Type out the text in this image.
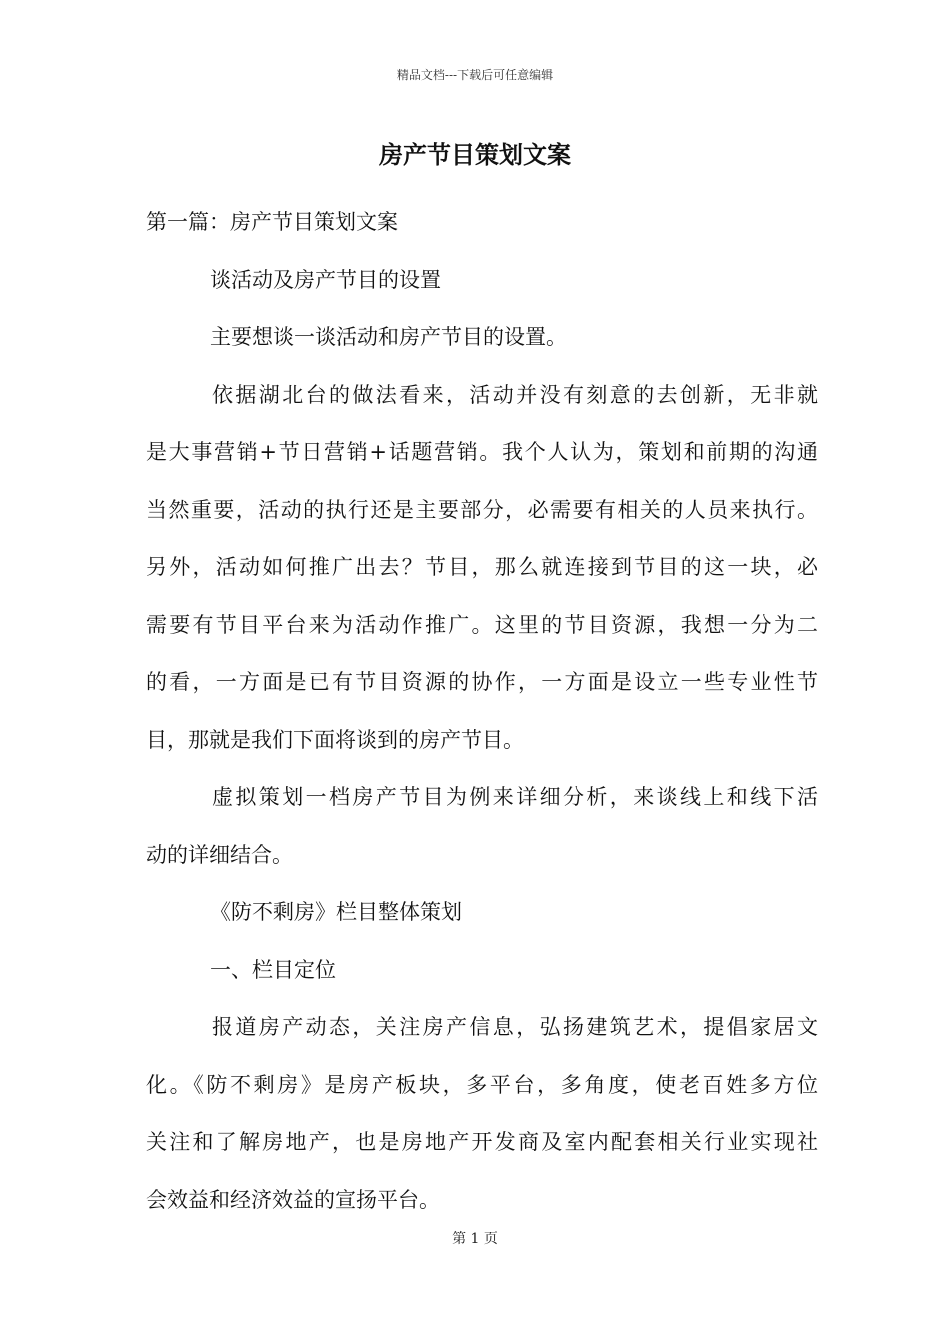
精品文档---下载后可任意编辑
房产节目策划文案
第一篇：房产节目策划文案
谈活动及房产节目的设置
主要想谈一谈活动和房产节目的设置。
依据湖北台的做法看来，活动并没有刻意的去创新，无非就
是大事营销+节日营销+话题营销。我个人认为，策划和前期的沟通
当然重要，活动的执行还是主要部分，必需要有相关的人员来执行。
另外，活动如何推广出去？节目，那么就连接到节目的这一块，必
需要有节目平台来为活动作推广。这里的节目资源，我想一分为二
的看，一方面是已有节目资源的协作，一方面是设立一些专业性节
目，那就是我们下面将谈到的房产节目。
虚拟策划一档房产节目为例来详细分析，来谈线上和线下活
动的详细结合。
《防不剩房》栏目整体策划
一、栏目定位
报道房产动态，关注房产信息，弘扬建筑艺术，提倡家居文
化。《防不剩房》是房产板块，多平台，多角度，使老百姓多方位
关注和了解房地产，也是房地产开发商及室内配套相关行业实现社
会效益和经济效益的宣扬平台。
第 1 页
